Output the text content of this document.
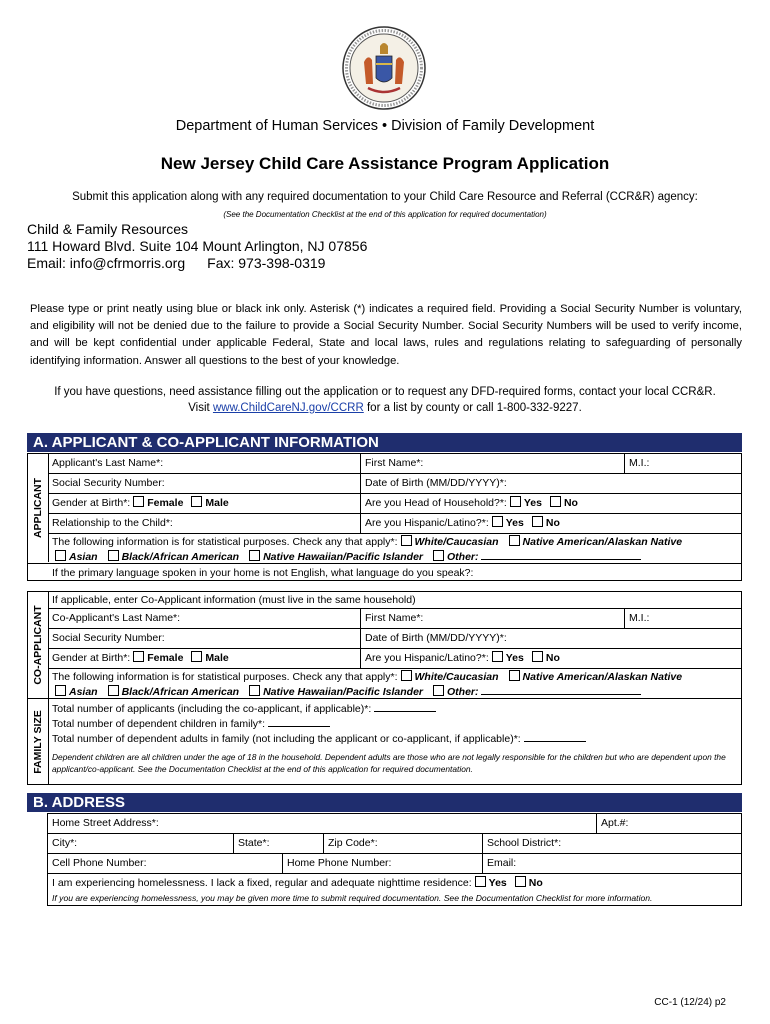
Department of Human Services • Division of Family Development
New Jersey Child Care Assistance Program Application
Submit this application along with any required documentation to your Child Care Resource and Referral (CCR&R) agency:
(See the Documentation Checklist at the end of this application for required documentation)
Child & Family Resources
111 Howard Blvd. Suite 104 Mount Arlington, NJ 07856
Email: info@cfrmorris.org Fax: 973-398-0319
Please type or print neatly using blue or black ink only. Asterisk (*) indicates a required field. Providing a Social Security Number is voluntary, and eligibility will not be denied due to the failure to provide a Social Security Number. Social Security Numbers will be used to verify income, and will be kept confidential under applicable Federal, State and local laws, rules and regulations relating to safeguarding of personally identifying information. Answer all questions to the best of your knowledge.
If you have questions, need assistance filling out the application or to request any DFD-required forms, contact your local CCR&R.
Visit www.ChildCareNJ.gov/CCRR for a list by county or call 1-800-332-9227.
A. APPLICANT & CO-APPLICANT INFORMATION
APPLICANT
Applicant's Last Name*:	First Name*:	M.I.:
Social Security Number:	Date of Birth (MM/DD/YYYY)*:
Gender at Birth*: Female Male	Are you Head of Household?*: Yes No
Relationship to the Child*:	Are you Hispanic/Latino?*: Yes No
The following information is for statistical purposes. Check any that apply*: White/Caucasian Native American/Alaskan Native
Asian Black/African American Native Hawaiian/Pacific Islander Other:
If the primary language spoken in your home is not English, what language do you speak?:
CO-APPLICANT
If applicable, enter Co-Applicant information (must live in the same household)
Co-Applicant's Last Name*:	First Name*:	M.I.:
Social Security Number:	Date of Birth (MM/DD/YYYY)*:
Gender at Birth*: Female Male	Are you Hispanic/Latino?*: Yes No
The following information is for statistical purposes. Check any that apply*: White/Caucasian Native American/Alaskan Native
Asian Black/African American Native Hawaiian/Pacific Islander Other:
FAMILY SIZE
Total number of applicants (including the co-applicant, if applicable)*:
Total number of dependent children in family*:
Total number of dependent adults in family (not including the applicant or co-applicant, if applicable)*:
Dependent children are all children under the age of 18 in the household. Dependent adults are those who are not legally responsible for the children but who are dependent upon the applicant/co-applicant. See the Documentation Checklist at the end of this application for required documentation.
B. ADDRESS
Home Street Address*:	Apt.#:
City*:	State*:	Zip Code*:	School District*:
Cell Phone Number:	Home Phone Number:	Email:
I am experiencing homelessness. I lack a fixed, regular and adequate nighttime residence: Yes No
If you are experiencing homelessness, you may be given more time to submit required documentation. See the Documentation Checklist for more information.
CC-1 (12/24) p2
